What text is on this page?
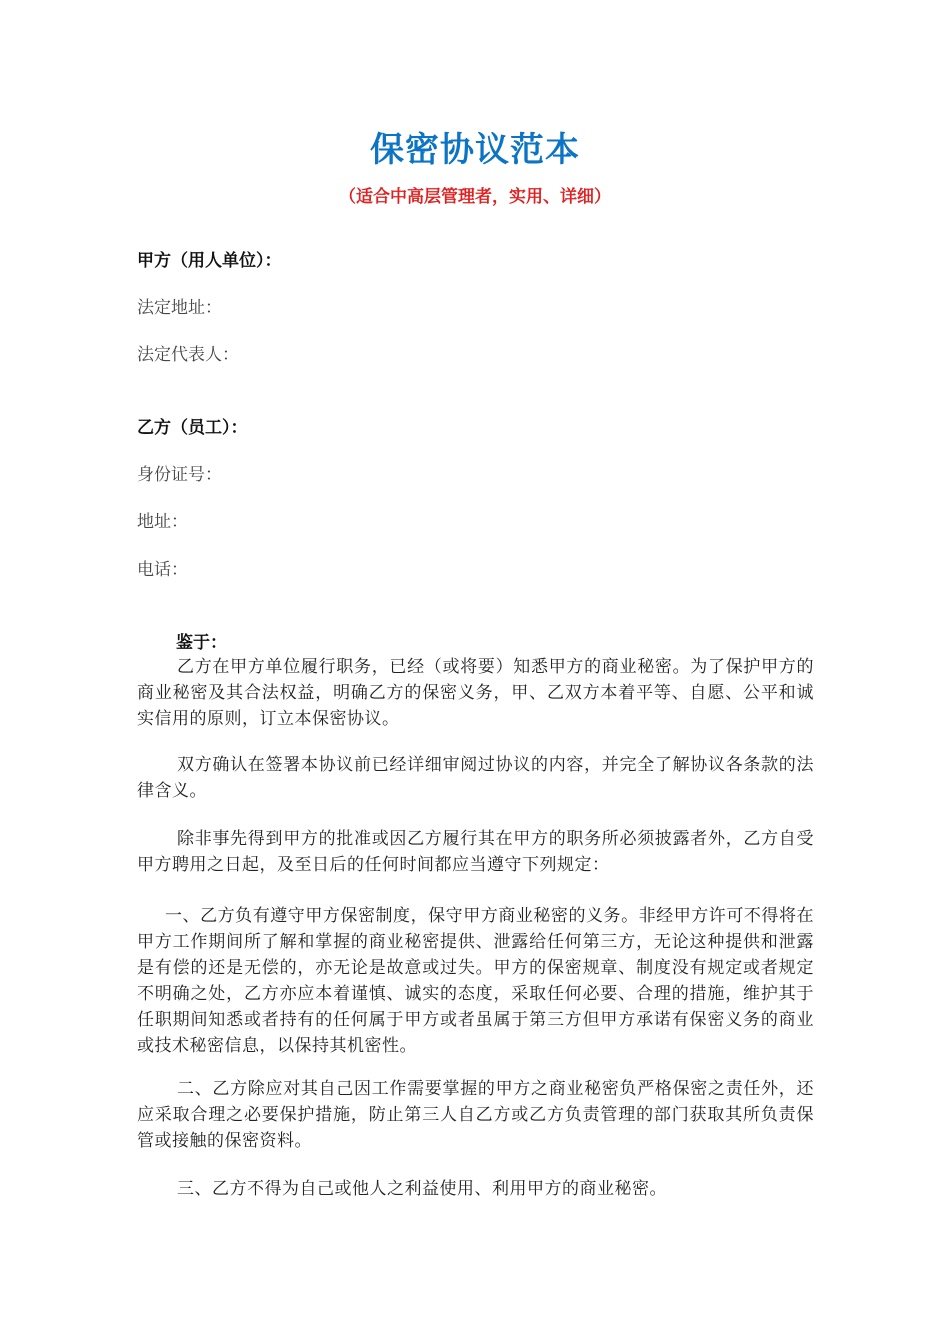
保密协议范本
（适合中高层管理者，实用、详细）
甲方（用人单位）：
法定地址：
法定代表人：
乙方（员工）：
身份证号：
地址：
电话：
鉴于：

乙方在甲方单位履行职务，已经（或将要）知悉甲方的商业秘密。为了保护甲方的商业秘密及其合法权益，明确乙方的保密义务，甲、乙双方本着平等、自愿、公平和诚实信用的原则，订立本保密协议。

双方确认在签署本协议前已经详细审阅过协议的内容，并完全了解协议各条款的法律含义。

除非事先得到甲方的批准或因乙方履行其在甲方的职务所必须披露者外，乙方自受甲方聘用之日起，及至日后的任何时间都应当遵守下列规定：

一、乙方负有遵守甲方保密制度，保守甲方商业秘密的义务。非经甲方许可不得将在甲方工作期间所了解和掌握的商业秘密提供、泄露给任何第三方，无论这种提供和泄露是有偿的还是无偿的，亦无论是故意或过失。甲方的保密规章、制度没有规定或者规定不明确之处，乙方亦应本着谨慎、诚实的态度，采取任何必要、合理的措施，维护其于任职期间知悉或者持有的任何属于甲方或者虽属于第三方但甲方承诺有保密义务的商业或技术秘密信息，以保持其机密性。

二、乙方除应对其自己因工作需要掌握的甲方之商业秘密负严格保密之责任外，还应采取合理之必要保护措施，防止第三人自乙方或乙方负责管理的部门获取其所负责保管或接触的保密资料。

三、乙方不得为自己或他人之利益使用、利用甲方的商业秘密。
